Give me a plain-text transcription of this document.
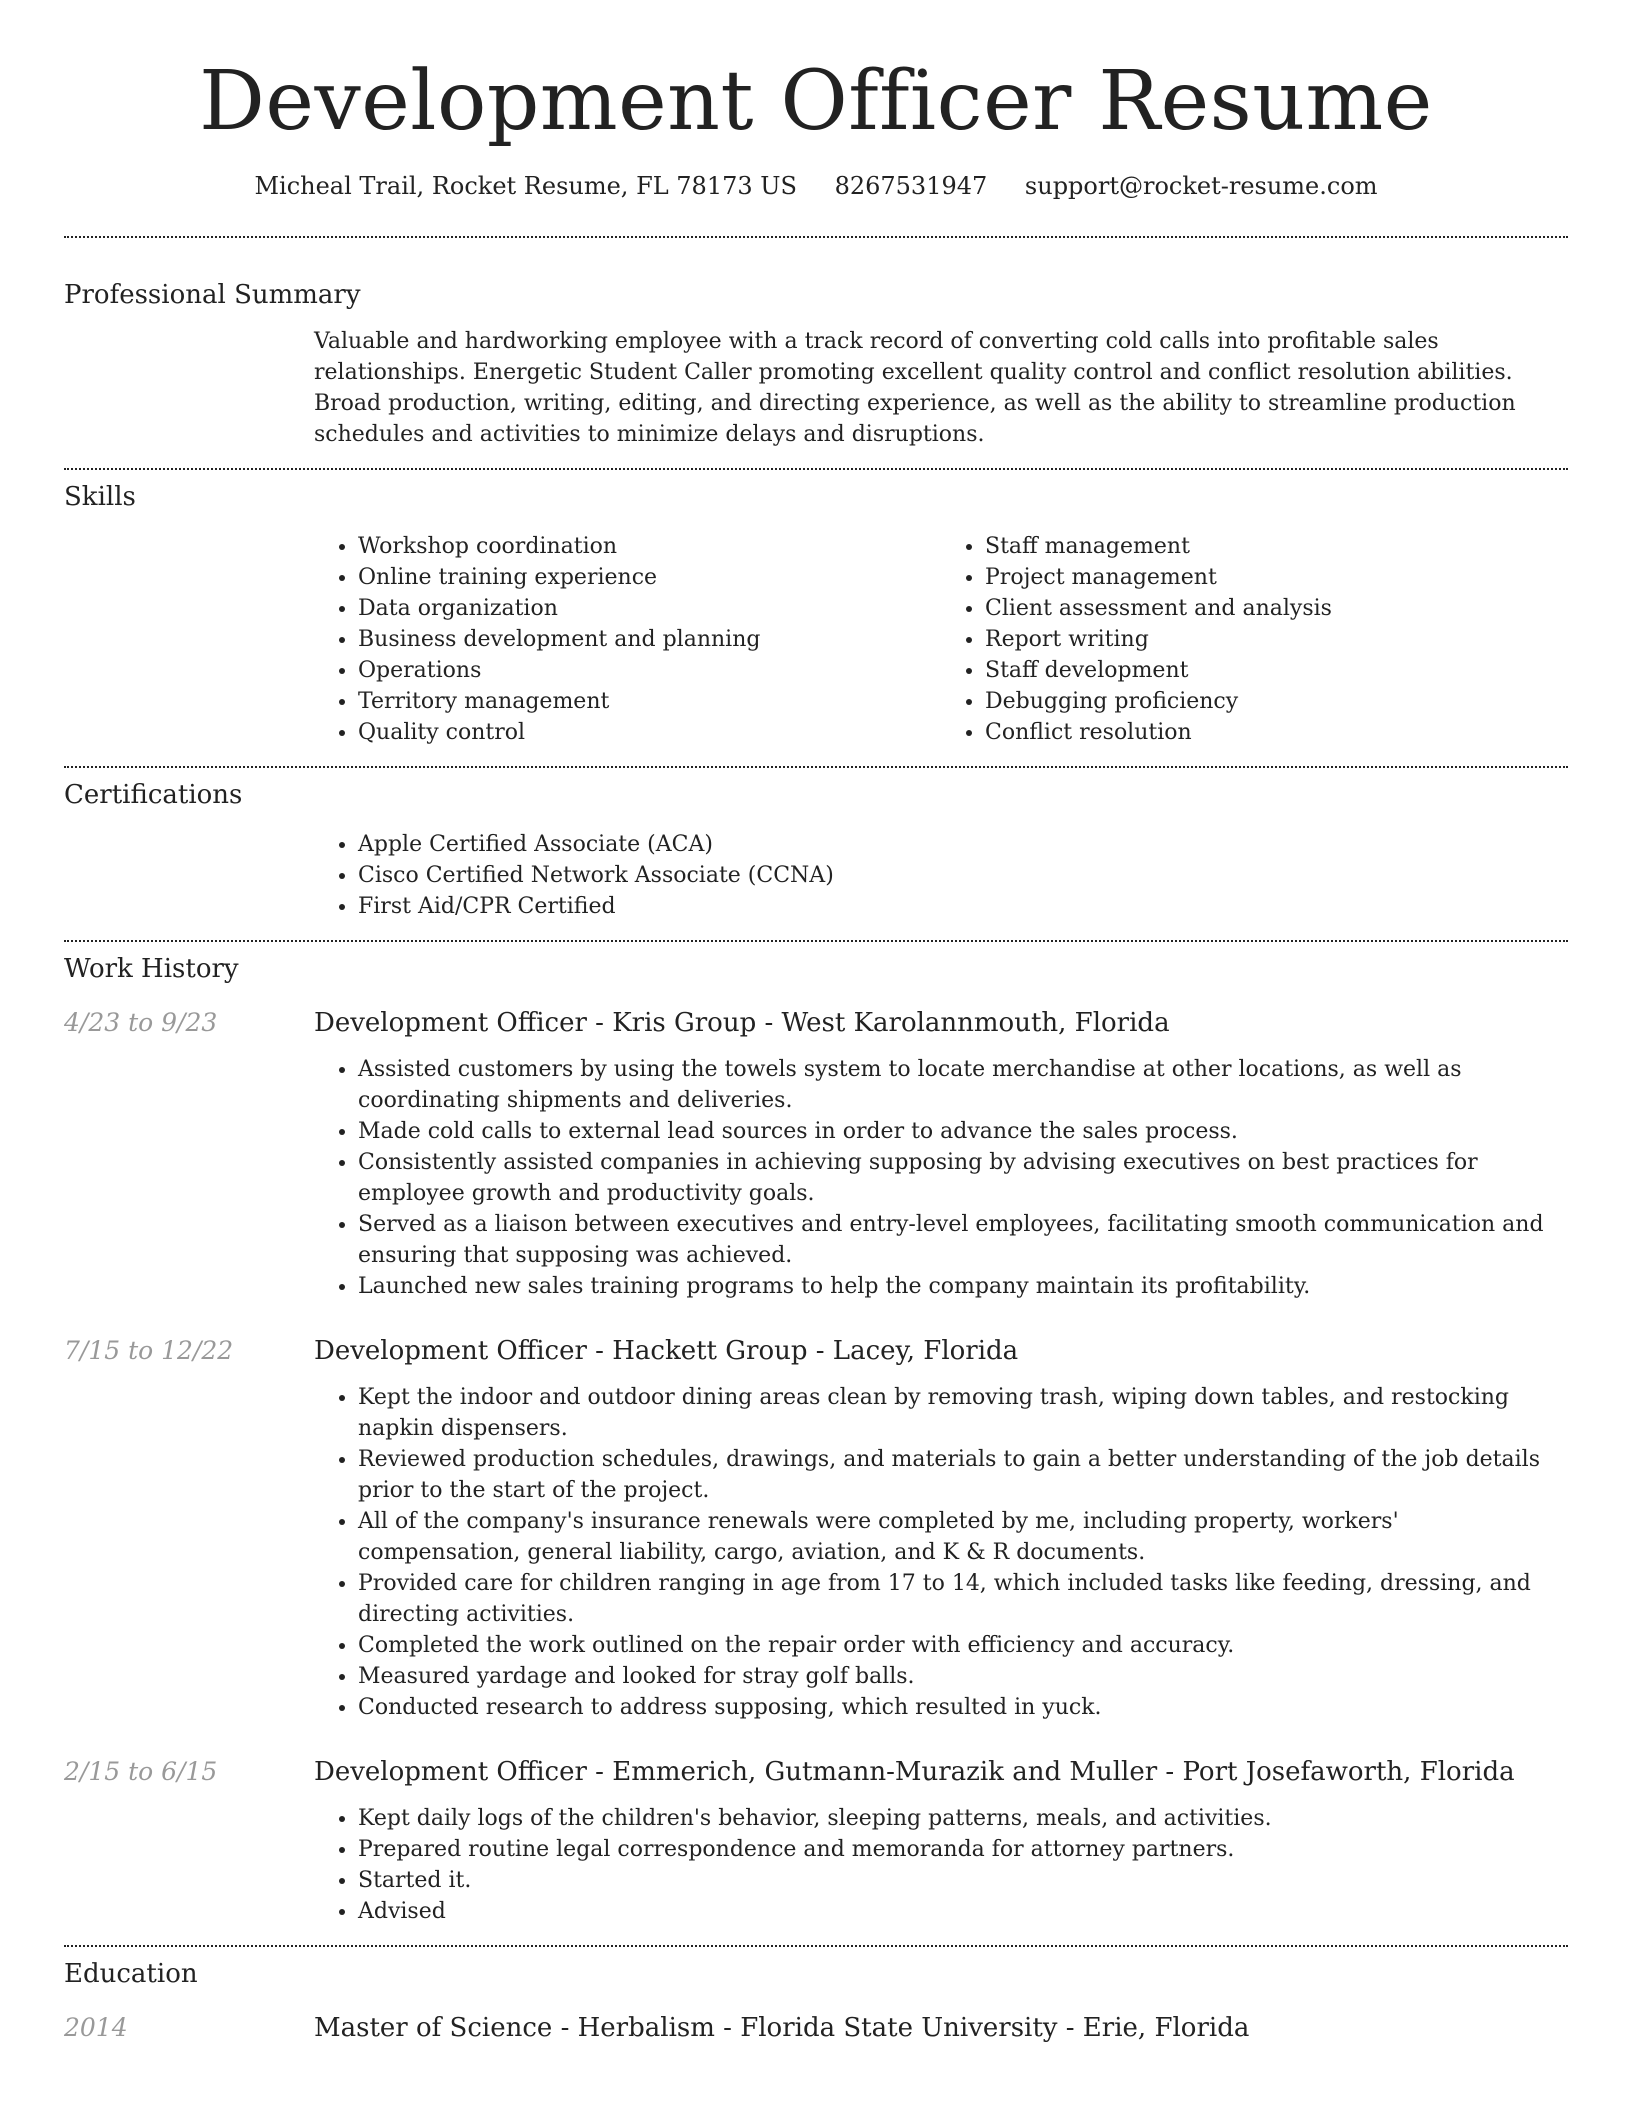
Development Officer Resume
Micheal Trail, Rocket Resume, FL 78173 US 8267531947 support@rocket-resume.com
Professional Summary
Valuable and hardworking employee with a track record of converting cold calls into profitable sales relationships. Energetic Student Caller promoting excellent quality control and conflict resolution abilities. Broad production, writing, editing, and directing experience, as well as the ability to streamline production schedules and activities to minimize delays and disruptions.
Skills
• Workshop coordination
• Online training experience
• Data organization
• Business development and planning
• Operations
• Territory management
• Quality control
• Staff management
• Project management
• Client assessment and analysis
• Report writing
• Staff development
• Debugging proficiency
• Conflict resolution
Certifications
• Apple Certified Associate (ACA)
• Cisco Certified Network Associate (CCNA)
• First Aid/CPR Certified
Work History
4/23 to 9/23	Development Officer - Kris Group - West Karolannmouth, Florida
• Assisted customers by using the towels system to locate merchandise at other locations, as well as coordinating shipments and deliveries.
• Made cold calls to external lead sources in order to advance the sales process.
• Consistently assisted companies in achieving supposing by advising executives on best practices for employee growth and productivity goals.
• Served as a liaison between executives and entry-level employees, facilitating smooth communication and ensuring that supposing was achieved.
• Launched new sales training programs to help the company maintain its profitability.
7/15 to 12/22	Development Officer - Hackett Group - Lacey, Florida
• Kept the indoor and outdoor dining areas clean by removing trash, wiping down tables, and restocking napkin dispensers.
• Reviewed production schedules, drawings, and materials to gain a better understanding of the job details prior to the start of the project.
• All of the company's insurance renewals were completed by me, including property, workers' compensation, general liability, cargo, aviation, and K & R documents.
• Provided care for children ranging in age from 17 to 14, which included tasks like feeding, dressing, and directing activities.
• Completed the work outlined on the repair order with efficiency and accuracy.
• Measured yardage and looked for stray golf balls.
• Conducted research to address supposing, which resulted in yuck.
2/15 to 6/15	Development Officer - Emmerich, Gutmann-Murazik and Muller - Port Josefaworth, Florida
• Kept daily logs of the children's behavior, sleeping patterns, meals, and activities.
• Prepared routine legal correspondence and memoranda for attorney partners.
• Started it.
• Advised
Education
2014	Master of Science - Herbalism - Florida State University - Erie, Florida
